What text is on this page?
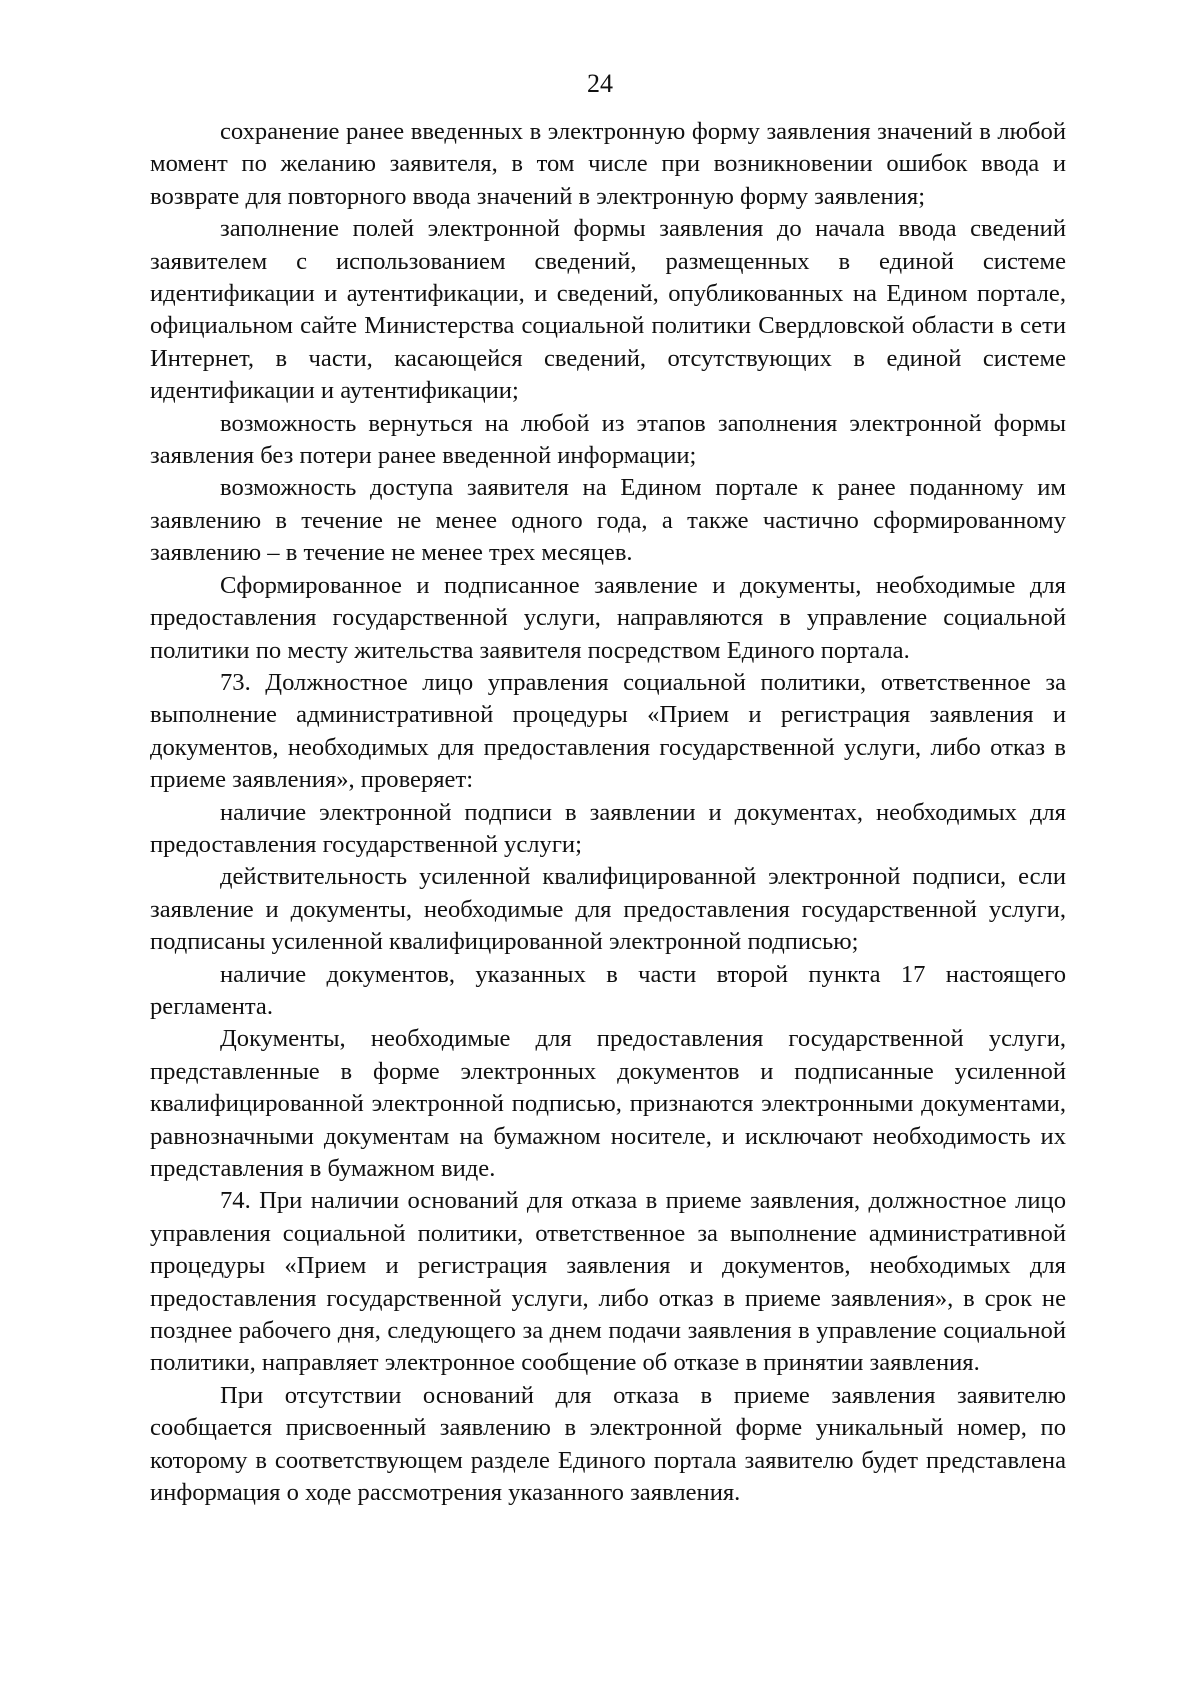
24

сохранение ранее введенных в электронную форму заявления значений в любой момент по желанию заявителя, в том числе при возникновении ошибок ввода и возврате для повторного ввода значений в электронную форму заявления;

заполнение полей электронной формы заявления до начала ввода сведений заявителем с использованием сведений, размещенных в единой системе идентификации и аутентификации, и сведений, опубликованных на Едином портале, официальном сайте Министерства социальной политики Свердловской области в сети Интернет, в части, касающейся сведений, отсутствующих в единой системе идентификации и аутентификации;

возможность вернуться на любой из этапов заполнения электронной формы заявления без потери ранее введенной информации;

возможность доступа заявителя на Едином портале к ранее поданному им заявлению в течение не менее одного года, а также частично сформированному заявлению – в течение не менее трех месяцев.

Сформированное и подписанное заявление и документы, необходимые для предоставления государственной услуги, направляются в управление социальной политики по месту жительства заявителя посредством Единого портала.

73. Должностное лицо управления социальной политики, ответственное за выполнение административной процедуры «Прием и регистрация заявления и документов, необходимых для предоставления государственной услуги, либо отказ в приеме заявления», проверяет:

наличие электронной подписи в заявлении и документах, необходимых для предоставления государственной услуги;

действительность усиленной квалифицированной электронной подписи, если заявление и документы, необходимые для предоставления государственной услуги, подписаны усиленной квалифицированной электронной подписью;

наличие документов, указанных в части второй пункта 17 настоящего регламента.

Документы, необходимые для предоставления государственной услуги, представленные в форме электронных документов и подписанные усиленной квалифицированной электронной подписью, признаются электронными документами, равнозначными документам на бумажном носителе, и исключают необходимость их представления в бумажном виде.

74. При наличии оснований для отказа в приеме заявления, должностное лицо управления социальной политики, ответственное за выполнение административной процедуры «Прием и регистрация заявления и документов, необходимых для предоставления государственной услуги, либо отказ в приеме заявления», в срок не позднее рабочего дня, следующего за днем подачи заявления в управление социальной политики, направляет электронное сообщение об отказе в принятии заявления.

При отсутствии оснований для отказа в приеме заявления заявителю сообщается присвоенный заявлению в электронной форме уникальный номер, по которому в соответствующем разделе Единого портала заявителю будет представлена информация о ходе рассмотрения указанного заявления.
